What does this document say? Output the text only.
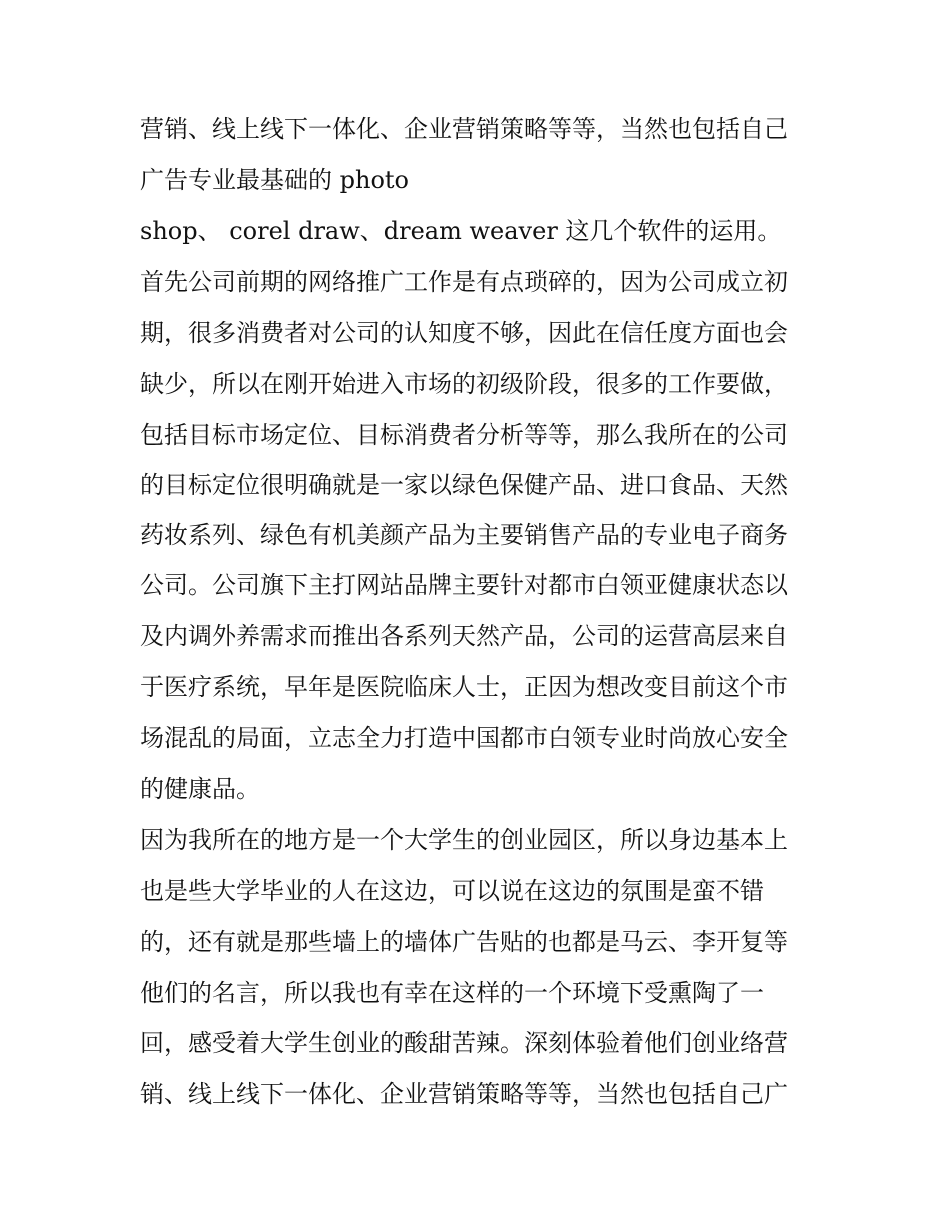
营销、线上线下一体化、企业营销策略等等，当然也包括自己

广告专业最基础的 photo

shop、 corel draw、dream weaver 这几个软件的运用。

首先公司前期的网络推广工作是有点琐碎的，因为公司成立初

期，很多消费者对公司的认知度不够，因此在信任度方面也会

缺少，所以在刚开始进入市场的初级阶段，很多的工作要做，

包括目标市场定位、目标消费者分析等等，那么我所在的公司

的目标定位很明确就是一家以绿色保健产品、进口食品、天然

药妆系列、绿色有机美颜产品为主要销售产品的专业电子商务

公司。公司旗下主打网站品牌主要针对都市白领亚健康状态以

及内调外养需求而推出各系列天然产品，公司的运营高层来自

于医疗系统，早年是医院临床人士，正因为想改变目前这个市

场混乱的局面，立志全力打造中国都市白领专业时尚放心安全

的健康品。

因为我所在的地方是一个大学生的创业园区，所以身边基本上

也是些大学毕业的人在这边，可以说在这边的氛围是蛮不错

的，还有就是那些墙上的墙体广告贴的也都是马云、李开复等

他们的名言，所以我也有幸在这样的一个环境下受熏陶了一

回，感受着大学生创业的酸甜苦辣。深刻体验着他们创业络营

销、线上线下一体化、企业营销策略等等，当然也包括自己广
